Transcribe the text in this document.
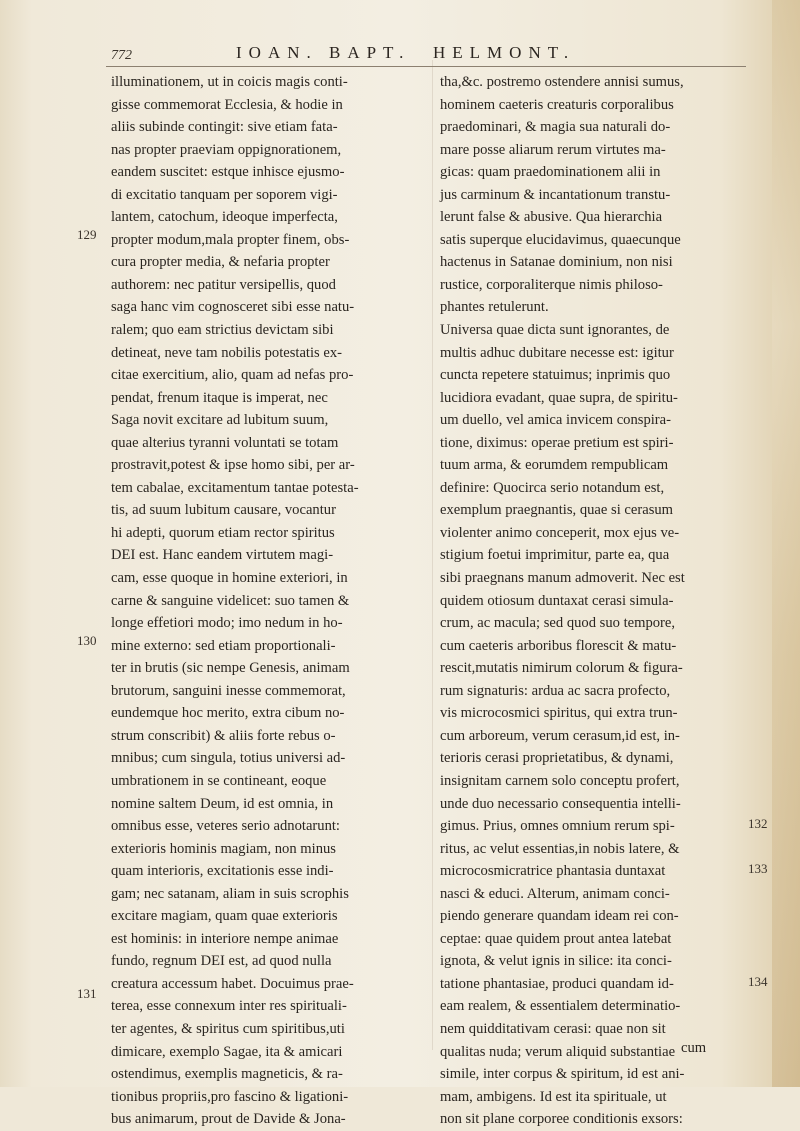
772	IOAN. BAPT. HELMONT.
illuminationem, ut in coicis magis conti-
gisse commemorat Ecclesia, & hodie in
aliis subinde contingit: sive etiam fata-
nas propter praeviam oppignorationem,
eandem suscitet: estque inhisce ejusmo-
di excitatio tanquam per soporem vigi-
lantem, catochum, ideoque imperfecta,
propter modum,mala propter finem, obs-
cura propter media, & nefaria propter
authorem: nec patitur versipellis, quod
saga hanc vim cognosceret sibi esse natu-
ralem; quo eam strictius devictam sibi
detineat, neve tam nobilis potestatis ex-
citae exercitium, alio, quam ad nefas pro-
pendat, frenum itaque is imperat, nec
Saga novit excitare ad lubitum suum,
quae alterius tyranni voluntati se totam
prostravit,potest & ipse homo sibi, per ar-
tem cabalae, excitamentum tantae potesta-
tis, ad suum lubitum causare, vocantur
hi adepti, quorum etiam rector spiritus
DEI est. Hanc eandem virtutem magi-
cam, esse quoque in homine exteriori, in
carne & sanguine videlicet: suo tamen &
longe effetiori modo; imo nedum in ho-
mine externo: sed etiam proportionali-
ter in brutis (sic nempe Genesis, animam
brutorum, sanguini inesse commemorat,
eundemque hoc merito, extra cibum no-
strum conscribit) & aliis forte rebus o-
mnibus; cum singula, totius universi ad-
umbrationem in se contineant, eoque
nomine saltem Deum, id est omnia, in
omnibus esse, veteres serio adnotarunt:
exterioris hominis magiam, non minus
quam interioris, excitationis esse indi-
gam; nec satanam, aliam in suis scrophis
excitare magiam, quam quae exterioris
est hominis: in interiore nempe animae
fundo, regnum DEI est, ad quod nulla
creatura accessum habet. Docuimus prae-
terea, esse connexum inter res spirituali-
ter agentes, & spiritus cum spiritibus,uti
dimicare, exemplo Sagae, ita & amicari
ostendimus, exemplis magneticis, & ra-
tionibus propriis,pro fascino & ligationi-
bus animarum, prout de Davide & Jona-
tha,&c. postremo ostendere annisi sumus,
hominem caeteris creaturis corporalibus
praedominari, & magia sua naturali do-
mare posse aliarum rerum virtutes ma-
gicas: quam praedominationem alii in
jus carminum & incantationum transtu-
lerunt false & abusive. Qua hierarchia
satis superque elucidavimus, quaecunque
hactenus in Satanae dominium, non nisi
rustice, corporaliterque nimis philoso-
phantes retulerunt.
Universa quae dicta sunt ignorantes, de
multis adhuc dubitare necesse est: igitur
cuncta repetere statuimus; inprimis quo
lucidiora evadant, quae supra, de spiritu-
um duello, vel amica invicem conspira-
tione, diximus: operae pretium est spiri-
tuum arma, & eorumdem rempublicam
definire: Quocirca serio notandum est,
exemplum praegnantis, quae si cerasum
violenter animo conceperit, mox ejus ve-
stigium foetui imprimitur, parte ea, qua
sibi praegnans manum admoverit. Nec est
quidem otiosum duntaxat cerasi simula-
crum, ac macula; sed quod suo tempore,
cum caeteris arboribus florescit & matu-
rescit,mutatis nimirum colorum & figura-
rum signaturis: ardua ac sacra profecto,
vis microcosmici spiritus, qui extra trun-
cum arboreum, verum cerasum,id est, in-
terioris cerasi proprietatibus, & dynami,
insignitam carnem solo conceptu profert,
unde duo necessario consequentia intelli-
gimus. Prius, omnes omnium rerum spi-
ritus, ac velut essentias,in nobis latere, &
microcosmicratrice phantasia duntaxat
nasci & educi. Alterum, animam conci-
piendo generare quandam ideam rei con-
ceptae: quae quidem prout antea latebat
ignota, & velut ignis in silice: ita conci-
tatione phantasiae, produci quandam id-
eam realem, & essentialem determinatio-
nem quidditativam cerasi: quae non sit
qualitas nuda; verum aliquid substantiae
simile, inter corpus & spiritum, id est ani-
mam, ambigens. Id est ita spirituale, ut
non sit plane corporee conditionis exsors:
129
130
131
132
133
134
cum
